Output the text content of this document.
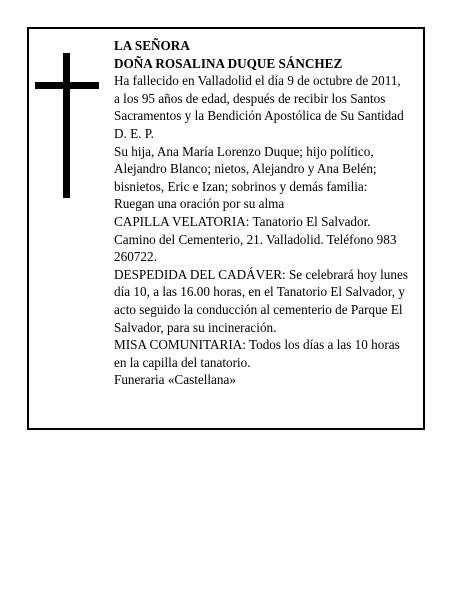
LA SEÑORA

DOÑA ROSALINA DUQUE SÁNCHEZ

Ha fallecido en Valladolid el día 9 de octubre de 2011,

a los 95 años de edad, después de recibir los Santos

Sacramentos y la Bendición Apostólica de Su Santidad

D. E. P.

Su hija, Ana María Lorenzo Duque; hijo político,

Alejandro Blanco; nietos, Alejandro y Ana Belén;

bisnietos, Eric e Izan; sobrinos y demás familia:

Ruegan una oración por su alma

CAPILLA VELATORIA: Tanatorio El Salvador.

Camino del Cementerio, 21. Valladolid. Teléfono 983

260722.

DESPEDIDA DEL CADÁVER: Se celebrará hoy lunes

día 10, a las 16.00 horas, en el Tanatorio El Salvador, y

acto seguido la conducción al cementerio de Parque El

Salvador, para su incineración.

MISA COMUNITARIA: Todos los días a las 10 horas

en la capilla del tanatorio.

Funeraria «Castellana»
